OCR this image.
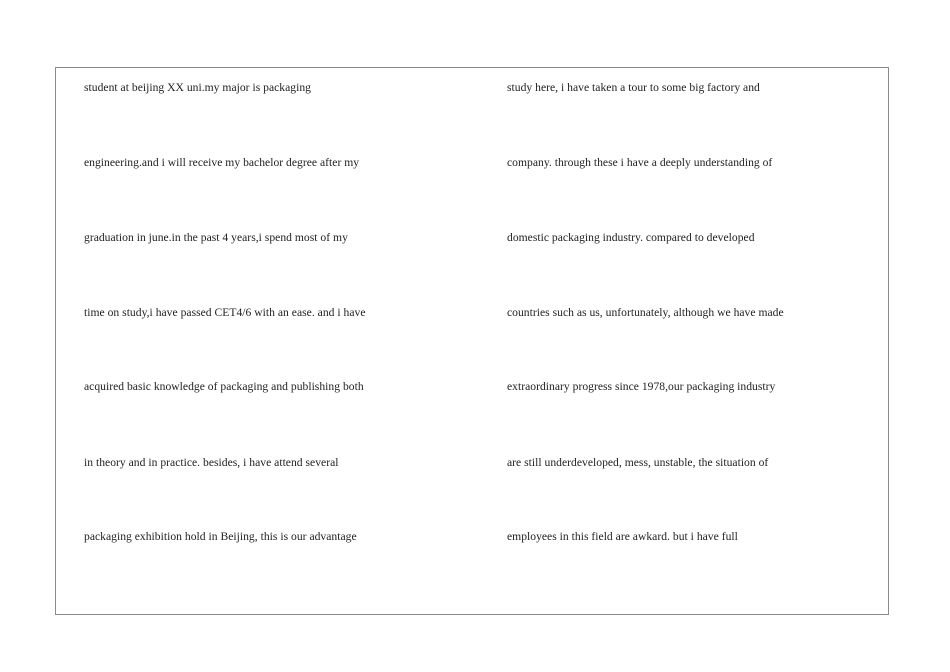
student at beijing XX uni.my major is packaging
engineering.and i will receive my bachelor degree after my
graduation in june.in the past 4 years,i spend most of my
time on study,i have passed CET4/6 with an ease. and i have
acquired basic knowledge of packaging and publishing both
in theory and in practice. besides, i have attend several
packaging exhibition hold in Beijing, this is our advantage
study here, i have taken a tour to some big factory and
company. through these i have a deeply understanding of
domestic packaging industry. compared to developed
countries such as us, unfortunately, although we have made
extraordinary progress since 1978,our packaging industry
are still underdeveloped, mess, unstable, the situation of
employees in this field are awkard. but i have full
